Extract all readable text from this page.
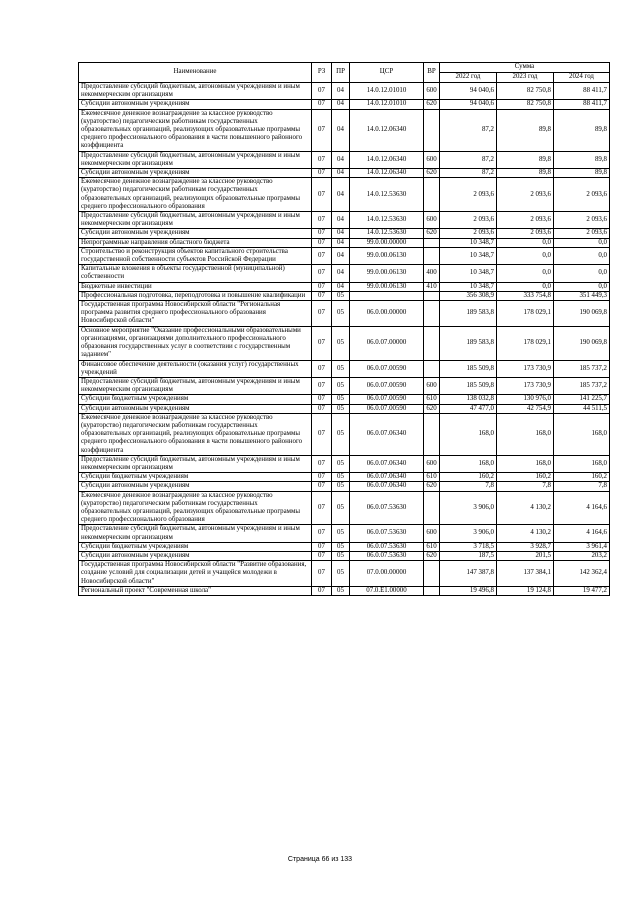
Наименование	РЗ	ПР	ЦСР	ВР	Сумма		
					2022 год	2023 год	2024 год
Предоставление субсидий бюджетным, автономным учреждениям и иным некоммерческим организациям	07	04	14.0.12.01010	600	94 040,6	82 750,8	88 411,7
Субсидии автономным учреждениям	07	04	14.0.12.01010	620	94 040,6	82 750,8	88 411,7
Ежемесячное денежное вознаграждение за классное руководство (кураторство) педагогическим работникам государственных образовательных организаций, реализующих образовательные программы среднего профессионального образования в части повышенного районного коэффициента	07	04	14.0.12.06340		87,2	89,8	89,8
Предоставление субсидий бюджетным, автономным учреждениям и иным некоммерческим организациям	07	04	14.0.12.06340	600	87,2	89,8	89,8
Субсидии автономным учреждениям	07	04	14.0.12.06340	620	87,2	89,8	89,8
Ежемесячное денежное вознаграждение за классное руководство (кураторство) педагогическим работникам государственных образовательных организаций, реализующих образовательные программы среднего профессионального образования	07	04	14.0.12.53630		2 093,6	2 093,6	2 093,6
Предоставление субсидий бюджетным, автономным учреждениям и иным некоммерческим организациям	07	04	14.0.12.53630	600	2 093,6	2 093,6	2 093,6
Субсидии автономным учреждениям	07	04	14.0.12.53630	620	2 093,6	2 093,6	2 093,6
Непрограммные направления областного бюджета	07	04	99.0.00.00000		10 348,7	0,0	0,0
Строительство и реконструкция объектов капитального строительства государственной собственности субъектов Российской Федерации	07	04	99.0.00.06130		10 348,7	0,0	0,0
Капитальные вложения в объекты государственной (муниципальной) собственности	07	04	99.0.00.06130	400	10 348,7	0,0	0,0
Бюджетные инвестиции	07	04	99.0.00.06130	410	10 348,7	0,0	0,0
Профессиональная подготовка, переподготовка и повышение квалификации	07	05			356 308,9	333 754,8	351 449,3
Государственная программа Новосибирской области "Региональная программа развития среднего профессионального образования Новосибирской области"	07	05	06.0.00.00000		189 583,8	178 029,1	190 069,8
Основное мероприятие "Оказание профессиональными образовательными организациями, организациями дополнительного профессионального образования государственных услуг в соответствии с государственным заданием"	07	05	06.0.07.00000		189 583,8	178 029,1	190 069,8
Финансовое обеспечение деятельности (оказания услуг) государственных учреждений	07	05	06.0.07.00590		185 509,8	173 730,9	185 737,2
Предоставление субсидий бюджетным, автономным учреждениям и иным некоммерческим организациям	07	05	06.0.07.00590	600	185 509,8	173 730,9	185 737,2
Субсидии бюджетным учреждениям	07	05	06.0.07.00590	610	138 032,8	130 976,0	141 225,7
Субсидии автономным учреждениям	07	05	06.0.07.00590	620	47 477,0	42 754,9	44 511,5
Ежемесячное денежное вознаграждение за классное руководство (кураторство) педагогическим работникам государственных образовательных организаций, реализующих образовательные программы среднего профессионального образования в части повышенного районного коэффициента	07	05	06.0.07.06340		168,0	168,0	168,0
Предоставление субсидий бюджетным, автономным учреждениям и иным некоммерческим организациям	07	05	06.0.07.06340	600	168,0	168,0	168,0
Субсидии бюджетным учреждениям	07	05	06.0.07.06340	610	160,2	160,2	160,2
Субсидии автономным учреждениям	07	05	06.0.07.06340	620	7,8	7,8	7,8
Ежемесячное денежное вознаграждение за классное руководство (кураторство) педагогическим работникам государственных образовательных организаций, реализующих образовательные программы среднего профессионального образования	07	05	06.0.07.53630		3 906,0	4 130,2	4 164,6
Предоставление субсидий бюджетным, автономным учреждениям и иным некоммерческим организациям	07	05	06.0.07.53630	600	3 906,0	4 130,2	4 164,6
Субсидии бюджетным учреждениям	07	05	06.0.07.53630	610	3 718,5	3 928,7	3 961,4
Субсидии автономным учреждениям	07	05	06.0.07.53630	620	187,5	201,5	203,2
Государственная программа Новосибирской области "Развитие образования, создание условий для социализации детей и учащейся молодежи в Новосибирской области"	07	05	07.0.00.00000		147 387,8	137 384,1	142 362,4
Региональный проект "Современная школа"	07	05	07.0.E1.00000		19 496,8	19 124,8	19 477,2
Страница 66 из 133
